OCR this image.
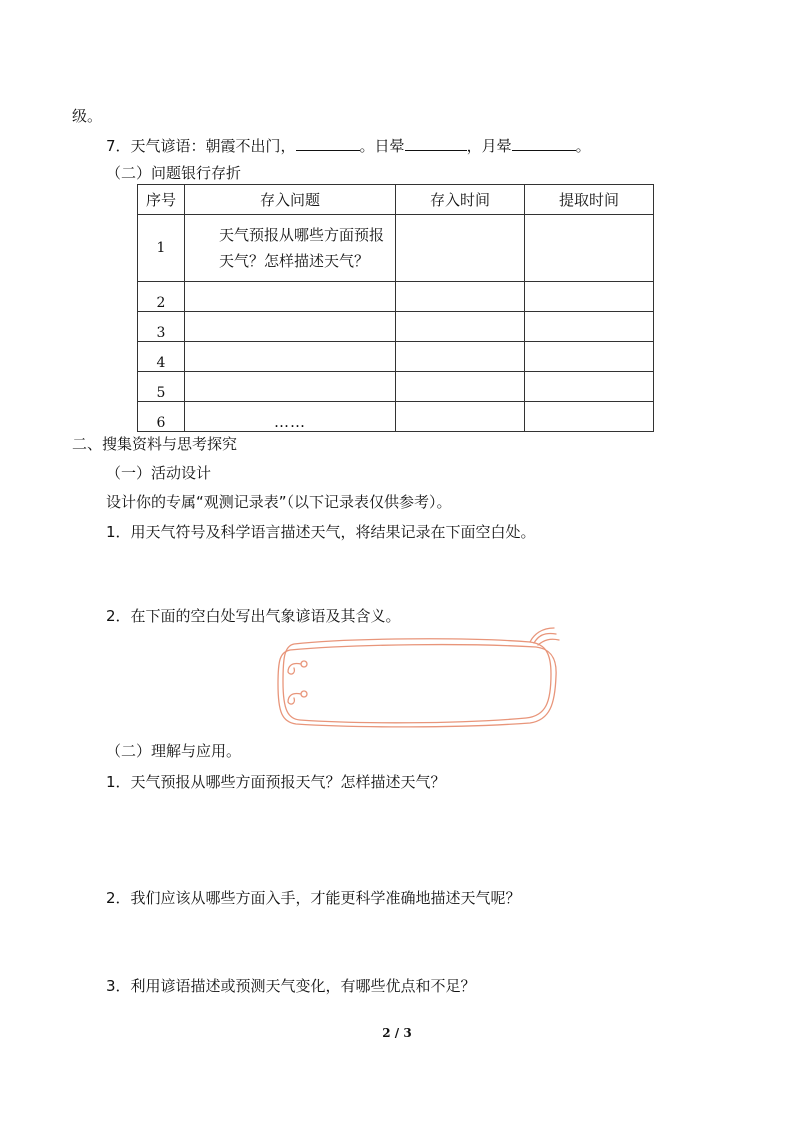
级。
7．天气谚语：朝霞不出门，	。日晕	，月晕	。
（二）问题银行存折
序号	存入问题	存入时间	提取时间
1	天气预报从哪些方面预报天气？怎样描述天气？		

2			
3			
4			
5			
6	……		
二、搜集资料与思考探究
（一）活动设计
设计你的专属“观测记录表”（以下记录表仅供参考）。
1．用天气符号及科学语言描述天气，将结果记录在下面空白处。
2．在下面的空白处写出气象谚语及其含义。
（二）理解与应用。
1．天气预报从哪些方面预报天气？怎样描述天气？
2．我们应该从哪些方面入手，才能更科学准确地描述天气呢？
3．利用谚语描述或预测天气变化，有哪些优点和不足？
2 / 3
